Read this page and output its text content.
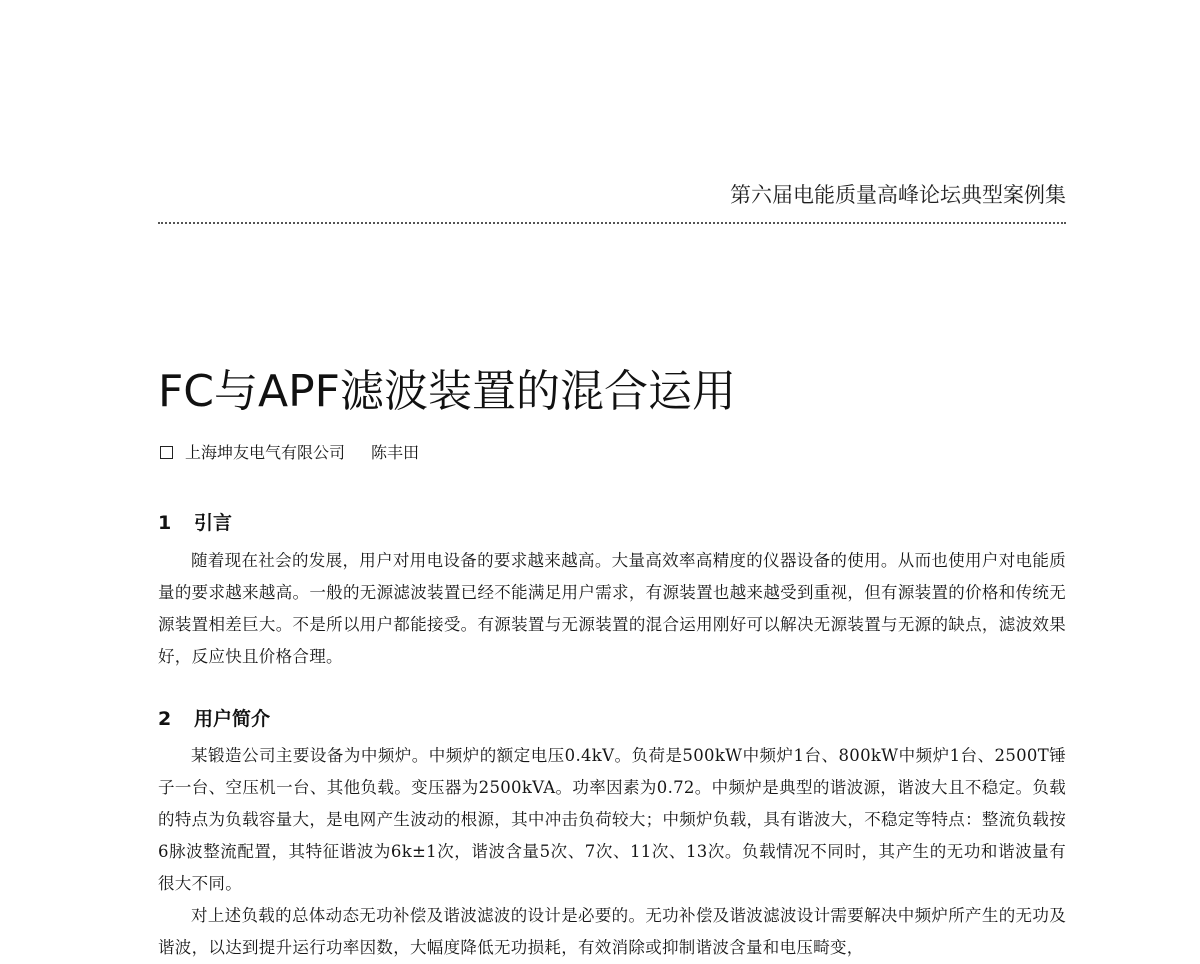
第六届电能质量高峰论坛典型案例集
FC与APF滤波装置的混合运用
上海坤友电气有限公司 陈丰田
1 引言

随着现在社会的发展，用户对用电设备的要求越来越高。大量高效率高精度的仪器设备的使用。从而也使用户对电能质量的要求越来越高。一般的无源滤波装置已经不能满足用户需求，有源装置也越来越受到重视，但有源装置的价格和传统无源装置相差巨大。不是所以用户都能接受。有源装置与无源装置的混合运用刚好可以解决无源装置与无源的缺点，滤波效果好，反应快且价格合理。

2 用户简介

某锻造公司主要设备为中频炉。中频炉的额定电压0.4kV。负荷是500kW中频炉1台、800kW中频炉1台、2500T锤子一台、空压机一台、其他负载。变压器为2500kVA。功率因素为0.72。中频炉是典型的谐波源，谐波大且不稳定。负载的特点为负载容量大，是电网产生波动的根源，其中冲击负荷较大；中频炉负载，具有谐波大，不稳定等特点：整流负载按6脉波整流配置，其特征谐波为6k±1次，谐波含量5次、7次、11次、13次。负载情况不同时，其产生的无功和谐波量有很大不同。

对上述负载的总体动态无功补偿及谐波滤波的设计是必要的。无功补偿及谐波滤波设计需要解决中频炉所产生的无功及谐波，以达到提升运行功率因数，大幅度降低无功损耗，有效消除或抑制谐波含量和电压畸变，
